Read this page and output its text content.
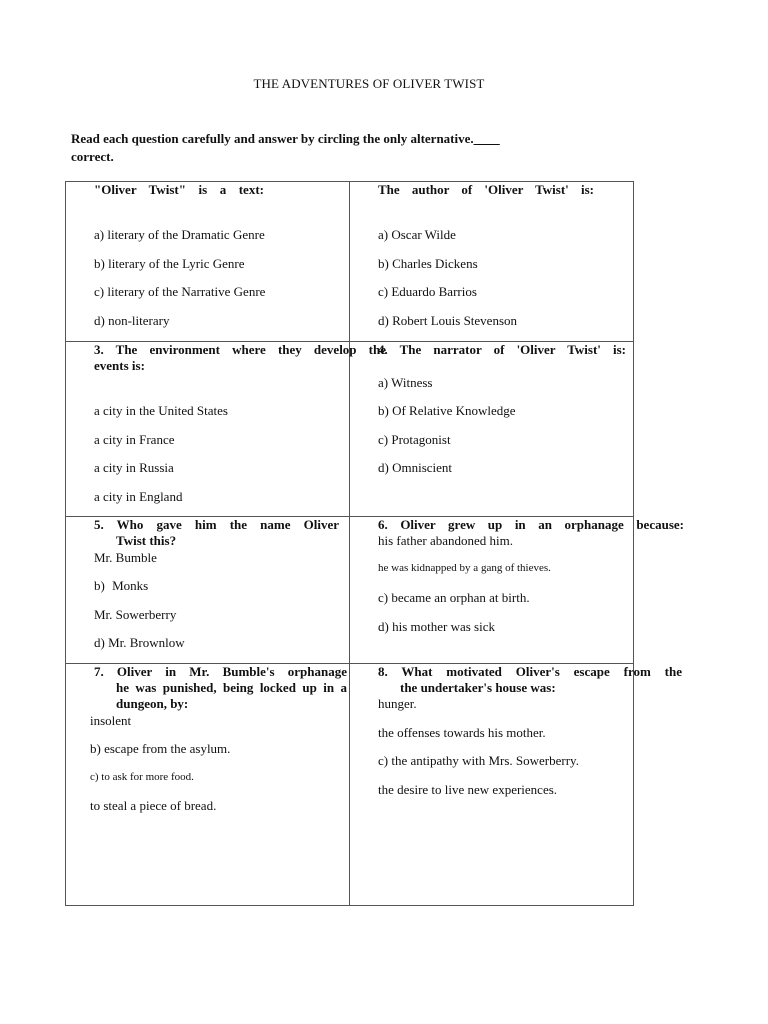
THE ADVENTURES OF OLIVER TWIST
Read each question carefully and answer by circling the only alternative.____
correct.
"Oliver Twist" is a text:
a) literary of the Dramatic Genre
b) literary of the Lyric Genre
c) literary of the Narrative Genre
d) non-literary
The author of 'Oliver Twist' is:
a) Oscar Wilde
b) Charles Dickens
c) Eduardo Barrios
d) Robert Louis Stevenson
3. The environment where they develop the
events is:
a city in the United States
a city in France
a city in Russia
a city in England
4. The narrator of 'Oliver Twist' is:
a) Witness
b) Of Relative Knowledge
c) Protagonist
d) Omniscient
5. Who gave him the name Oliver
Twist this?
Mr. Bumble
b) Monks
Mr. Sowerberry
d) Mr. Brownlow
6. Oliver grew up in an orphanage because:
his father abandoned him.
he was kidnapped by a gang of thieves.
c) became an orphan at birth.
d) his mother was sick
7. Oliver in Mr. Bumble's orphanage
he was punished, being locked up in a
dungeon, by:
insolent
b) escape from the asylum.
c) to ask for more food.
to steal a piece of bread.
8. What motivated Oliver's escape from the
the undertaker's house was:
hunger.
the offenses towards his mother.
c) the antipathy with Mrs. Sowerberry.
the desire to live new experiences.
